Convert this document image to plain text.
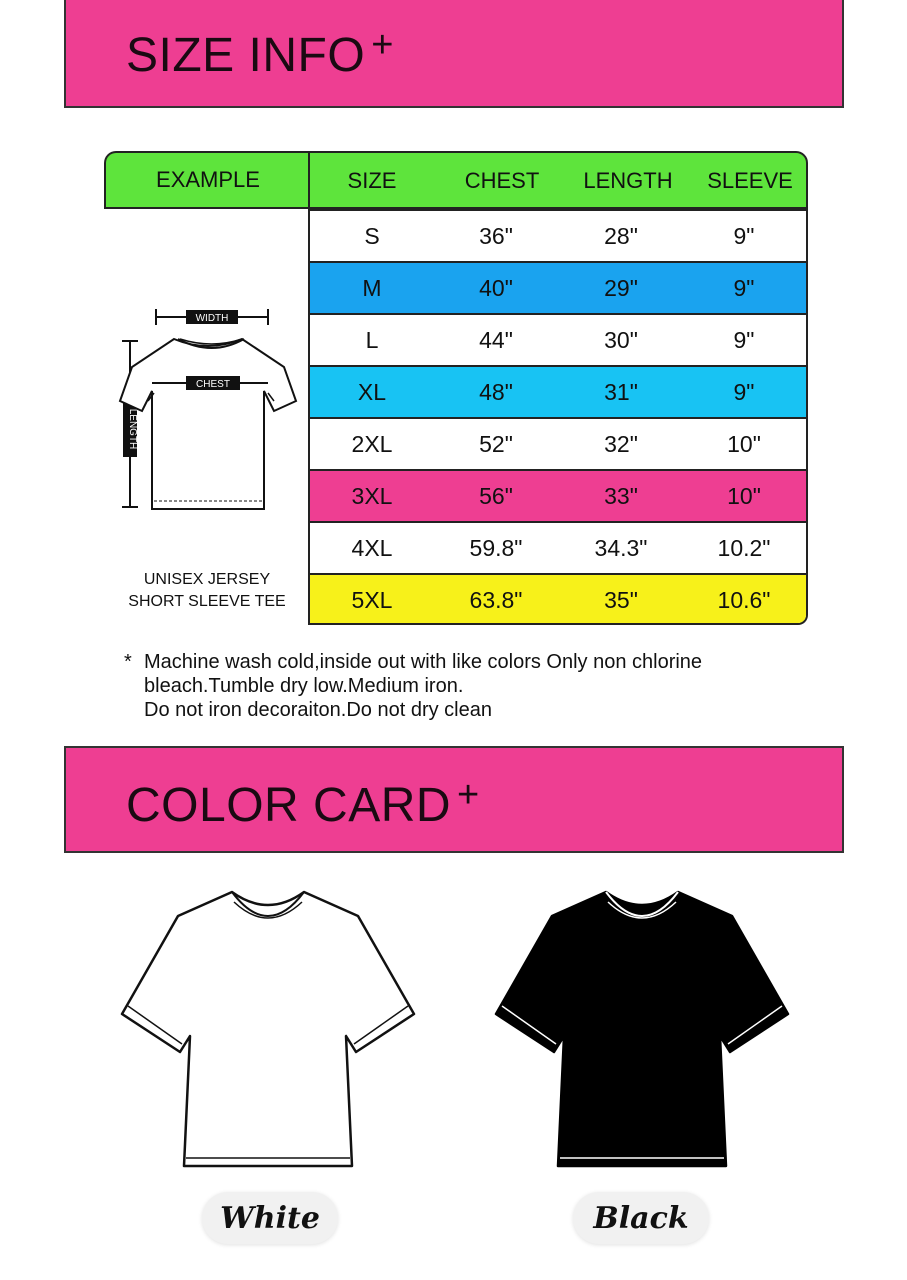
SIZE INFO +
EXAMPLE	SIZE	CHEST	LENGTH	SLEEVE
WIDTH
LENGTH
CHEST
UNISEX JERSEY
SHORT SLEEVE TEE
S	36"	28"	9"
M	40"	29"	9"
L	44"	30"	9"
XL	48"	31"	9"
2XL	52"	32"	10"
3XL	56"	33"	10"
4XL	59.8"	34.3"	10.2"
5XL	63.8"	35"	10.6"
* Machine wash cold,inside out with like colors Only non chlorine
bleach.Tumble dry low.Medium iron.
Do not iron decoraiton.Do not dry clean
COLOR CARD +
White	Black
